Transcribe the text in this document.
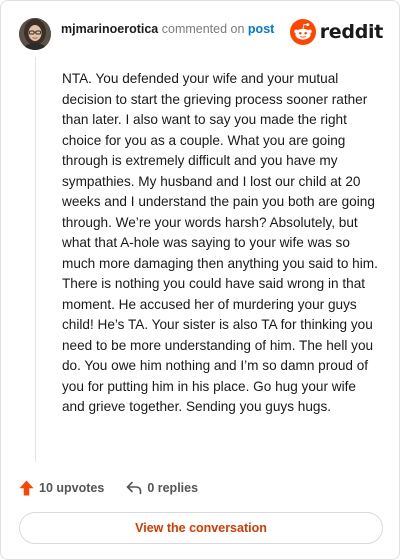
mjmarinoerotica commented on post reddit
NTA. You defended your wife and your mutual decision to start the grieving process sooner rather than later. I also want to say you made the right choice for you as a couple. What you are going through is extremely difficult and you have my sympathies. My husband and I lost our child at 20 weeks and I understand the pain you both are going through. We’re your words harsh? Absolutely, but what that A-hole was saying to your wife was so much more damaging then anything you said to him. There is nothing you could have said wrong in that moment. He accused her of murdering your guys child! He’s TA. Your sister is also TA for thinking you need to be more understanding of him. The hell you do. You owe him nothing and I’m so damn proud of you for putting him in his place. Go hug your wife and grieve together. Sending you guys hugs.
10 upvotes	0 replies
View the conversation
